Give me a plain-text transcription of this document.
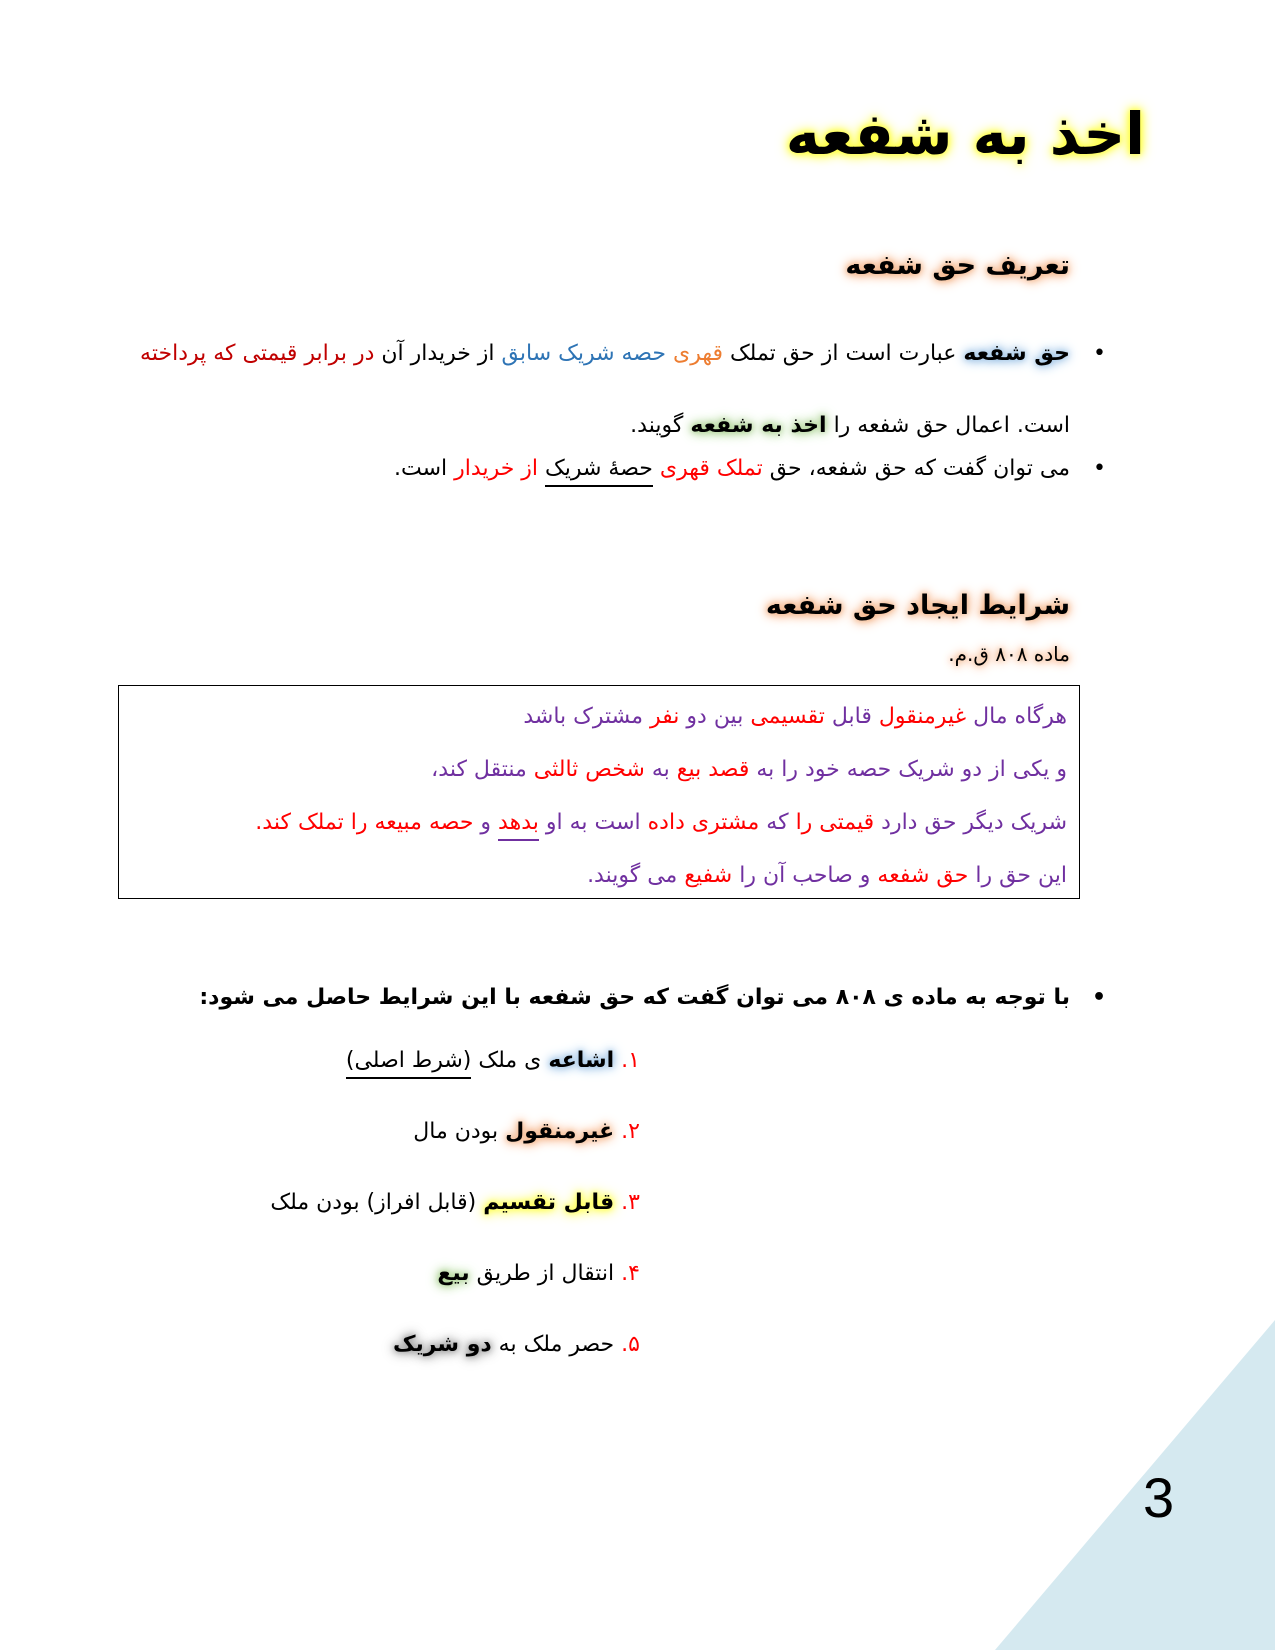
اخذ به شفعه
تعریف حق شفعه
•
حق شفعه عبارت است از حق تملک قهری حصه شریک سابق از خریدار آن در برابر قیمتی که پرداخته است. اعمال حق شفعه را اخذ به شفعه گویند.
•
می توان گفت که حق شفعه، حق تملک قهری حصهٔ شریک از خریدار است.
شرایط ایجاد حق شفعه
ماده ۸۰۸ ق.م.
هرگاه مال غیرمنقول قابل تقسیمی بین دو نفر مشترک باشد
و یکی از دو شریک حصه خود را به قصد بیع به شخص ثالثی منتقل کند،
شریک دیگر حق دارد قیمتی را که مشتری داده است به او بدهد و حصه مبیعه را تملک کند.
این حق را حق شفعه و صاحب آن را شفیع می گویند.
•
با توجه به ماده ی ۸۰۸ می توان گفت که حق شفعه با این شرایط حاصل می شود:
۱. اشاعه ی ملک (شرط اصلی)
۲. غیرمنقول بودن مال
۳. قابل تقسیم (قابل افراز) بودن ملک
۴. انتقال از طریق بیع
۵. حصر ملک به دو شریک
3
